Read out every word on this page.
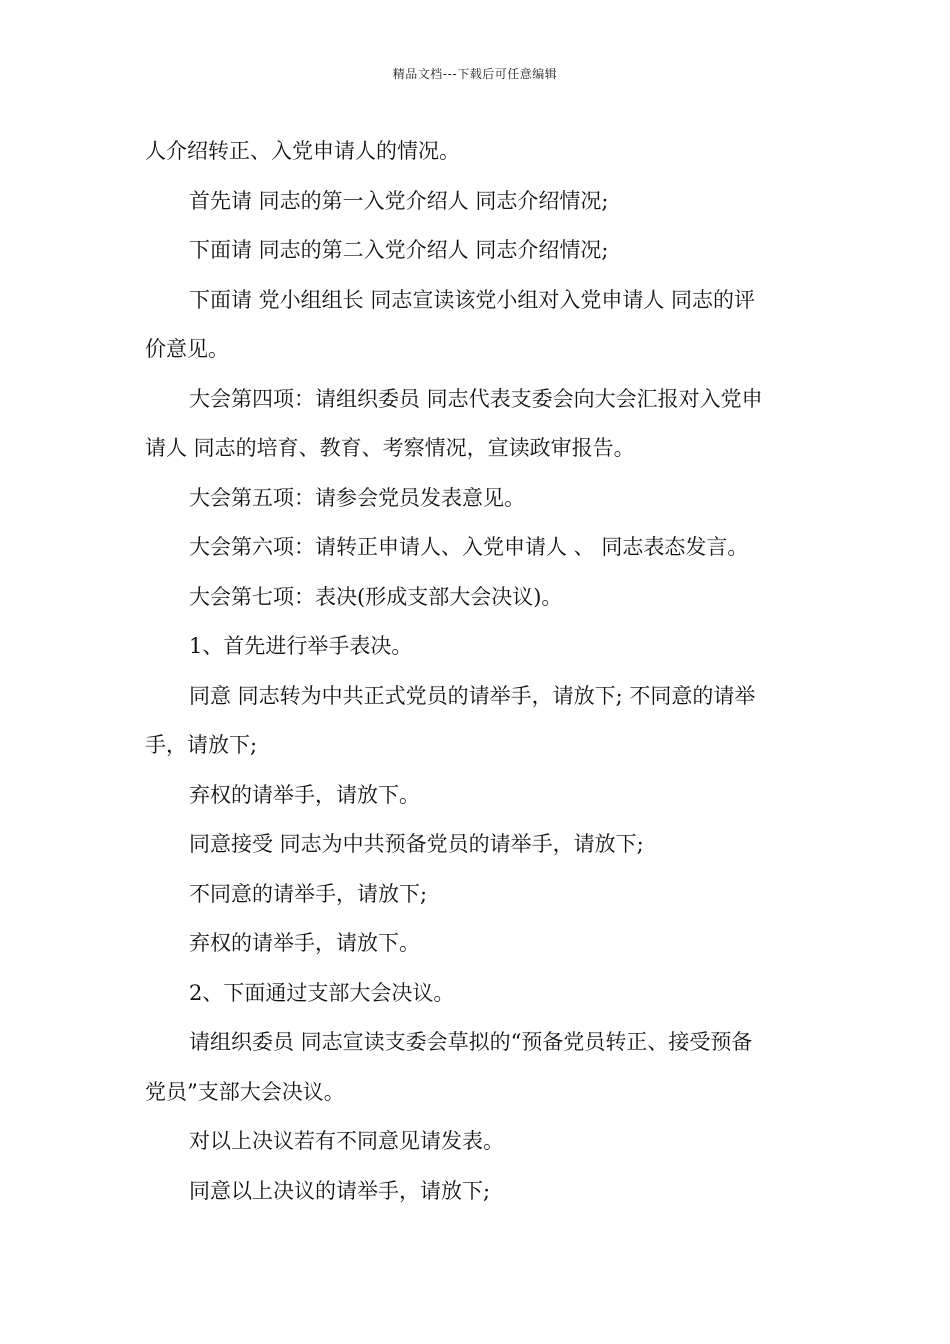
精品文档---下载后可任意编辑

人介绍转正、入党申请人的情况。

首先请 同志的第一入党介绍人 同志介绍情况;

下面请 同志的第二入党介绍人 同志介绍情况;

下面请 党小组组长 同志宣读该党小组对入党申请人 同志的评

价意见。

大会第四项：请组织委员 同志代表支委会向大会汇报对入党申

请人 同志的培育、教育、考察情况，宣读政审报告。

大会第五项：请参会党员发表意见。

大会第六项：请转正申请人、入党申请人 、 同志表态发言。

大会第七项：表决(形成支部大会决议)。

1、首先进行举手表决。

同意 同志转为中共正式党员的请举手，请放下; 不同意的请举

手，请放下;

弃权的请举手，请放下。

同意接受 同志为中共预备党员的请举手，请放下;

不同意的请举手，请放下;

弃权的请举手，请放下。

2、下面通过支部大会决议。

请组织委员 同志宣读支委会草拟的“预备党员转正、接受预备

党员”支部大会决议。

对以上决议若有不同意见请发表。

同意以上决议的请举手，请放下;
